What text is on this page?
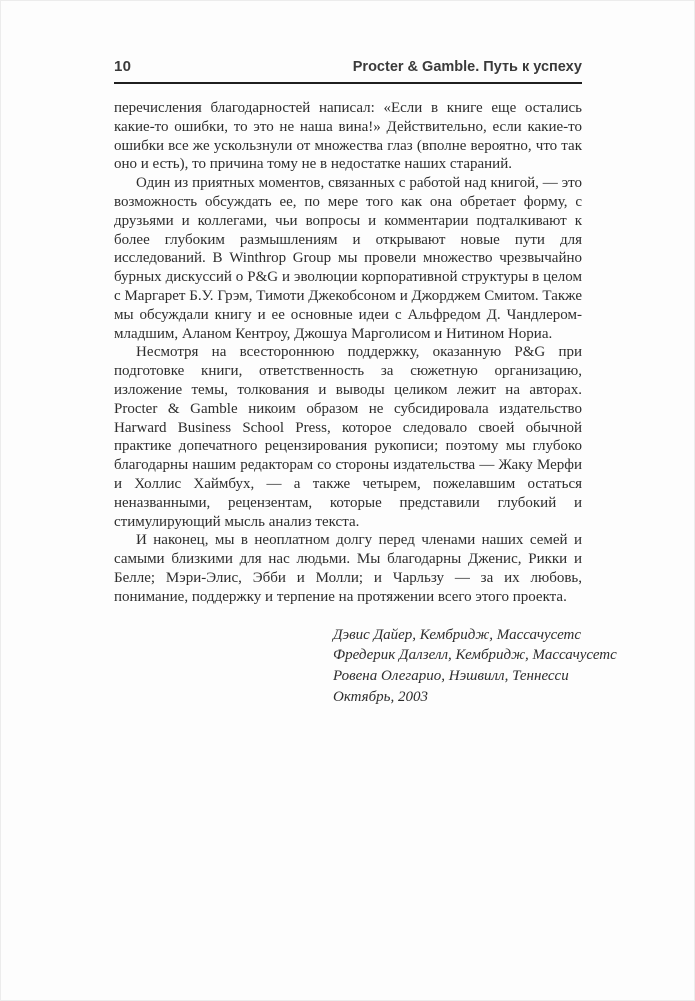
10	Procter & Gamble. Путь к успеху

перечисления благодарностей написал: «Если в книге еще остались какие-то ошибки, то это не наша вина!» Действительно, если какие-то ошибки все же ускользнули от множества глаз (вполне вероятно, что так оно и есть), то причина тому не в недостатке наших стараний.

Один из приятных моментов, связанных с работой над книгой, — это возможность обсуждать ее, по мере того как она обретает форму, с друзьями и коллегами, чьи вопросы и комментарии подталкивают к более глубоким размышлениям и открывают новые пути для исследований. В Winthrop Group мы провели множество чрезвычайно бурных дискуссий о P&G и эволюции корпоративной структуры в целом с Маргарет Б.У. Грэм, Тимоти Джекобсоном и Джорджем Смитом. Также мы обсуждали книгу и ее основные идеи с Альфредом Д. Чандлером-младшим, Аланом Кентроу, Джошуа Марголисом и Нитином Нориа.

Несмотря на всестороннюю поддержку, оказанную P&G при подготовке книги, ответственность за сюжетную организацию, изложение темы, толкования и выводы целиком лежит на авторах. Procter & Gamble никоим образом не субсидировала издательство Harward Business School Press, которое следовало своей обычной практике допечатного рецензирования рукописи; поэтому мы глубоко благодарны нашим редакторам со стороны издательства — Жаку Мерфи и Холлис Хаймбух, — а также четырем, пожелавшим остаться неназванными, рецензентам, которые представили глубокий и стимулирующий мысль анализ текста.

И наконец, мы в неоплатном долгу перед членами наших семей и самыми близкими для нас людьми. Мы благодарны Дженис, Рикки и Белле; Мэри-Элис, Эбби и Молли; и Чарльзу — за их любовь, понимание, поддержку и терпение на протяжении всего этого проекта.

Дэвис Дайер, Кембридж, Массачусетс
Фредерик Далзелл, Кембридж, Массачусетс
Ровена Олегарио, Нэшвилл, Теннесси
Октябрь, 2003
